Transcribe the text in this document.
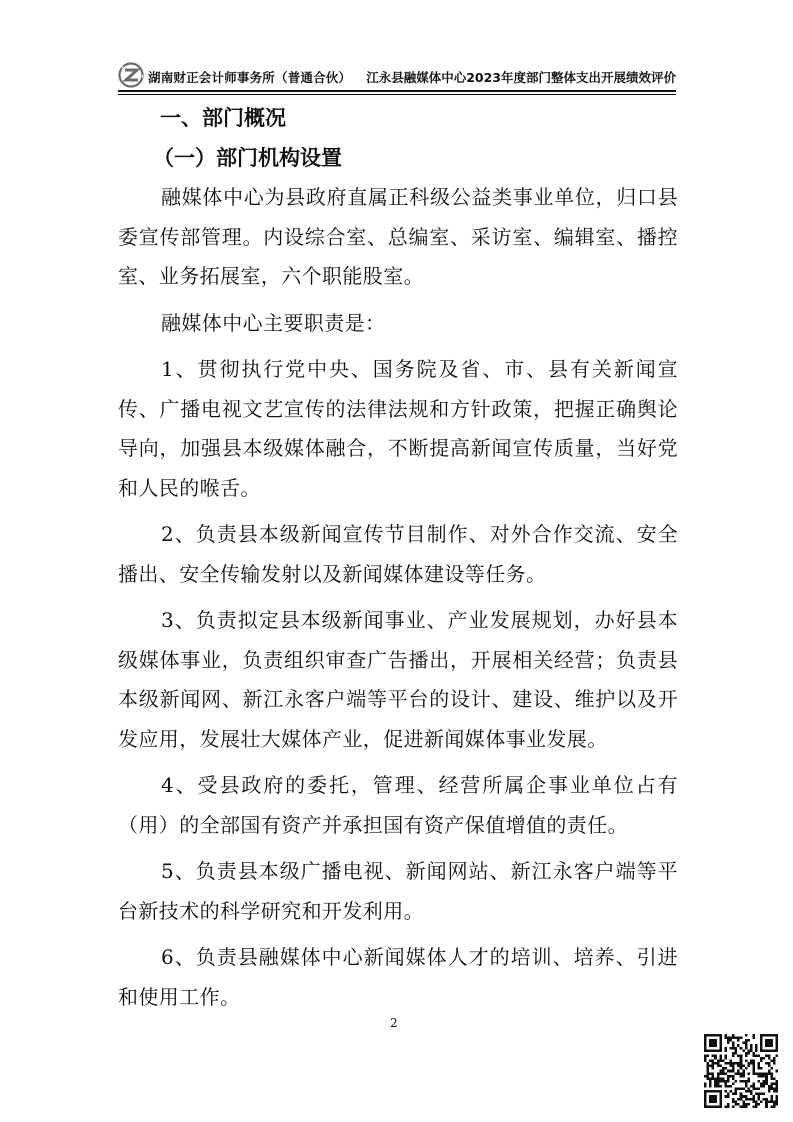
湖南财正会计师事务所（普通合伙） 江永县融媒体中心2023年度部门整体支出开展绩效评价

一、部门概况

（一）部门机构设置

融媒体中心为县政府直属正科级公益类事业单位，归口县委宣传部管理。内设综合室、总编室、采访室、编辑室、播控室、业务拓展室，六个职能股室。

融媒体中心主要职责是：

1、贯彻执行党中央、国务院及省、市、县有关新闻宣传、广播电视文艺宣传的法律法规和方针政策，把握正确舆论导向，加强县本级媒体融合，不断提高新闻宣传质量，当好党和人民的喉舌。

2、负责县本级新闻宣传节目制作、对外合作交流、安全播出、安全传输发射以及新闻媒体建设等任务。

3、负责拟定县本级新闻事业、产业发展规划，办好县本级媒体事业，负责组织审查广告播出，开展相关经营；负责县本级新闻网、新江永客户端等平台的设计、建设、维护以及开发应用，发展壮大媒体产业，促进新闻媒体事业发展。

4、受县政府的委托，管理、经营所属企事业单位占有（用）的全部国有资产并承担国有资产保值增值的责任。

5、负责县本级广播电视、新闻网站、新江永客户端等平台新技术的科学研究和开发利用。

6、负责县融媒体中心新闻媒体人才的培训、培养、引进和使用工作。

2
